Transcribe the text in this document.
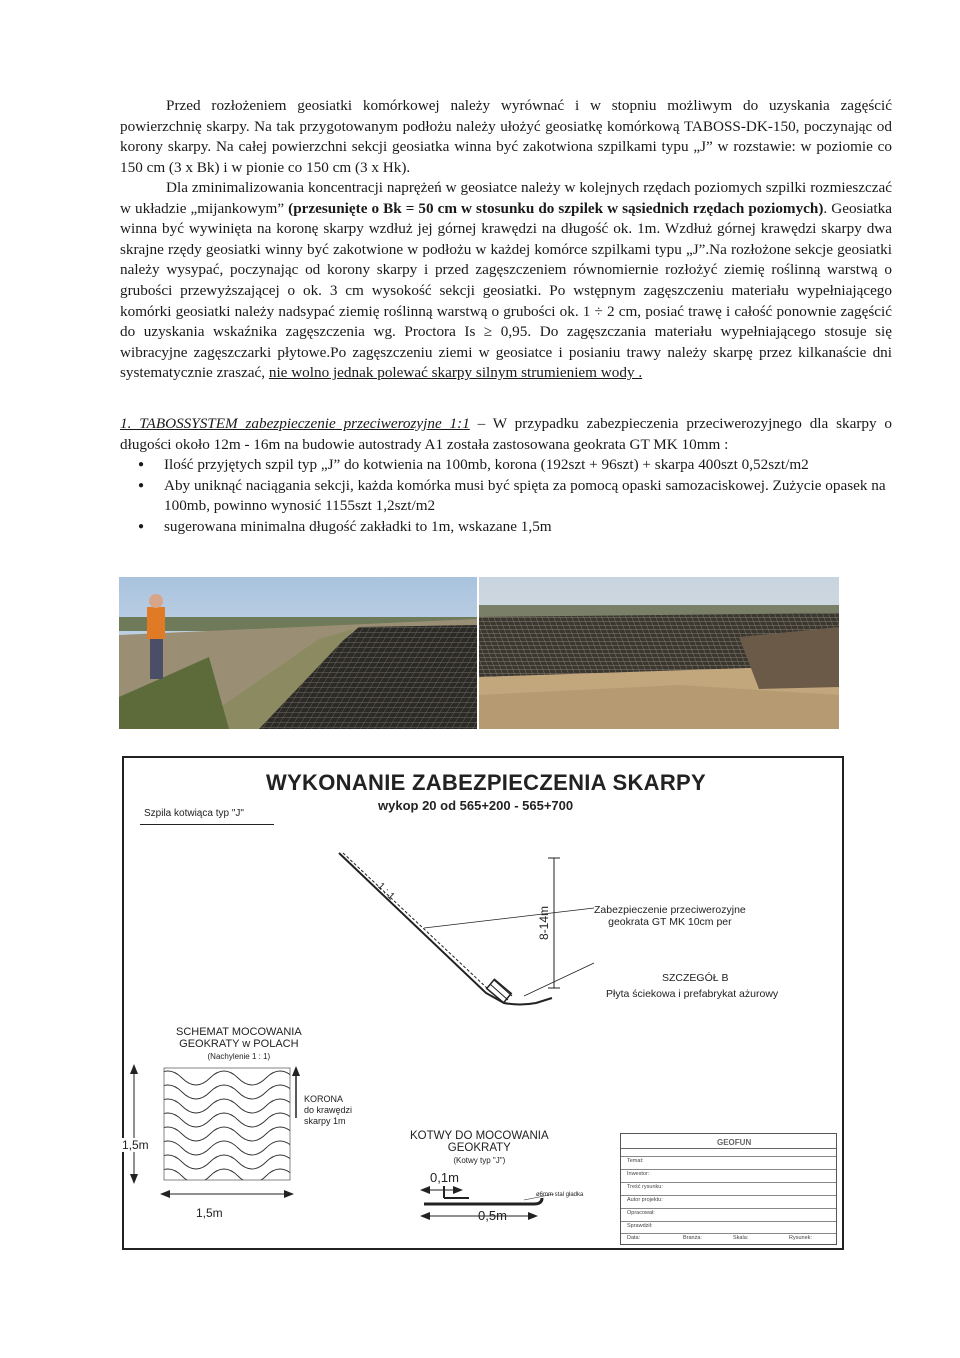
Przed rozłożeniem geosiatki komórkowej należy wyrównać i w stopniu możliwym do uzyskania zagęścić powierzchnię skarpy. Na tak przygotowanym podłożu należy ułożyć geosiatkę komórkową TABOSS-DK-150, poczynając od korony skarpy. Na całej powierzchni sekcji geosiatka winna być zakotwiona szpilkami typu „J” w rozstawie: w poziomie co 150 cm (3 x Bk) i w pionie co 150 cm (3 x Hk).
Dla zminimalizowania koncentracji naprężeń w geosiatce należy w kolejnych rzędach poziomych szpilki rozmieszczać w układzie „mijankowym” (przesunięte o Bk = 50 cm w stosunku do szpilek w sąsiednich rzędach poziomych). Geosiatka winna być wywinięta na koronę skarpy wzdłuż jej górnej krawędzi na długość ok. 1m. Wzdłuż górnej krawędzi skarpy dwa skrajne rzędy geosiatki winny być zakotwione w podłożu w każdej komórce szpilkami typu „J”.Na rozłożone sekcje geosiatki należy wysypać, poczynając od korony skarpy i przed zagęszczeniem równomiernie rozłożyć ziemię roślinną warstwą o grubości przewyższającej o ok. 3 cm wysokość sekcji geosiatki. Po wstępnym zagęszczeniu materiału wypełniającego komórki geosiatki należy nadsypać ziemię roślinną warstwą o grubości ok. 1 ÷ 2 cm, posiać trawę i całość ponownie zagęścić do uzyskania wskaźnika zagęszczenia wg. Proctora Is ≥ 0,95. Do zagęszczania materiału wypełniającego stosuje się wibracyjne zagęszczarki płytowe.Po zagęszczeniu ziemi w geosiatce i posianiu trawy należy skarpę przez kilkanaście dni systematycznie zraszać, nie wolno jednak polewać skarpy silnym strumieniem wody .
1. TABOSSYSTEM zabezpieczenie przeciwerozyjne 1:1 – W przypadku zabezpieczenia przeciwerozyjnego dla skarpy o długości około 12m - 16m na budowie autostrady A1 została zastosowana geokrata GT MK 10mm :
● Ilość przyjętych szpil typ „J” do kotwienia na 100mb, korona (192szt + 96szt) + skarpa 400szt 0,52szt/m2
● Aby uniknąć naciągania sekcji, każda komórka musi być spięta za pomocą opaski samozaciskowej. Zużycie opasek na 100mb, powinno wynosić 1155szt 1,2szt/m2
● sugerowana minimalna długość zakładki to 1m, wskazane 1,5m
WYKONANIE ZABEZPIECZENIA SKARPY
wykop 20 od 565+200 - 565+700
Szpila kotwiąca typ "J"
1 : 1
8-14m	Zabezpieczenie przeciwerozyjne
geokrata GT MK 10cm per
SZCZEGÓŁ B
Płyta ściekowa i prefabrykat ażurowy
SCHEMAT MOCOWANIA
GEOKRATY w POLACH
(Nachylenie 1 : 1)
KORONA
do krawędzi
skarpy 1m
1,5m
1,5m
KOTWY DO MOCOWANIA
GEOKRATY
(Kotwy typ "J")
0,1m
0,5m
ø6mm stal gładka
GEOFUN
Temat:
Inwestor:
Treść rysunku:
Autor projektu:
Opracował:
Sprawdził:
Data:	Branża:	Skala:	Rysunek:
